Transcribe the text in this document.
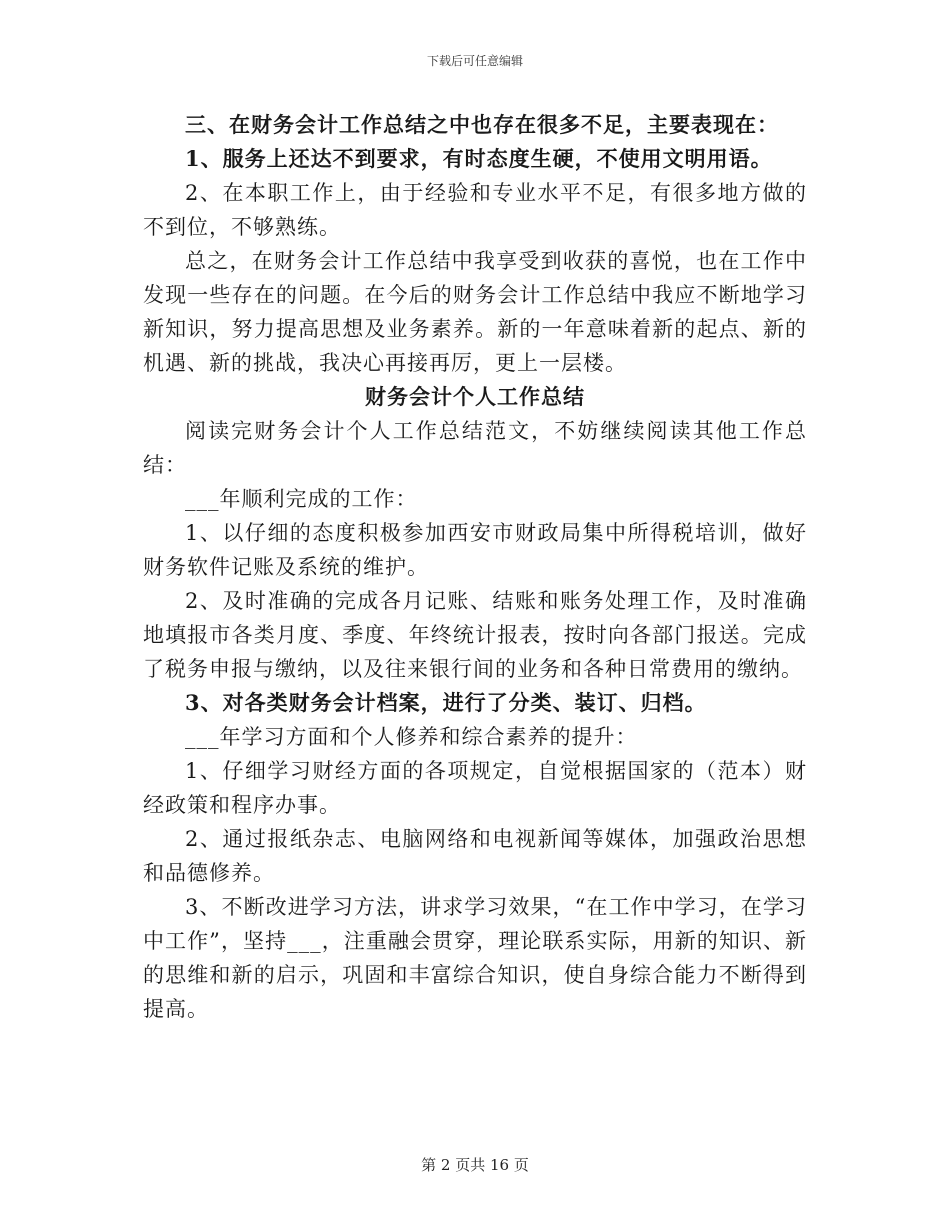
下载后可任意编辑

三、在财务会计工作总结之中也存在很多不足，主要表现在：

1、服务上还达不到要求，有时态度生硬，不使用文明用语。

2、在本职工作上，由于经验和专业水平不足，有很多地方做的不到位，不够熟练。

总之，在财务会计工作总结中我享受到收获的喜悦，也在工作中发现一些存在的问题。在今后的财务会计工作总结中我应不断地学习新知识，努力提高思想及业务素养。新的一年意味着新的起点、新的机遇、新的挑战，我决心再接再厉，更上一层楼。

财务会计个人工作总结

阅读完财务会计个人工作总结范文，不妨继续阅读其他工作总结：

___年顺利完成的工作：

1、以仔细的态度积极参加西安市财政局集中所得税培训，做好财务软件记账及系统的维护。

2、及时准确的完成各月记账、结账和账务处理工作，及时准确地填报市各类月度、季度、年终统计报表，按时向各部门报送。完成了税务申报与缴纳，以及往来银行间的业务和各种日常费用的缴纳。

3、对各类财务会计档案，进行了分类、装订、归档。

___年学习方面和个人修养和综合素养的提升：

1、仔细学习财经方面的各项规定，自觉根据国家的（范本）财经政策和程序办事。

2、通过报纸杂志、电脑网络和电视新闻等媒体，加强政治思想和品德修养。

3、不断改进学习方法，讲求学习效果，“在工作中学习，在学习中工作”，坚持___，注重融会贯穿，理论联系实际，用新的知识、新的思维和新的启示，巩固和丰富综合知识，使自身综合能力不断得到提高。

第 2 页共 16 页
